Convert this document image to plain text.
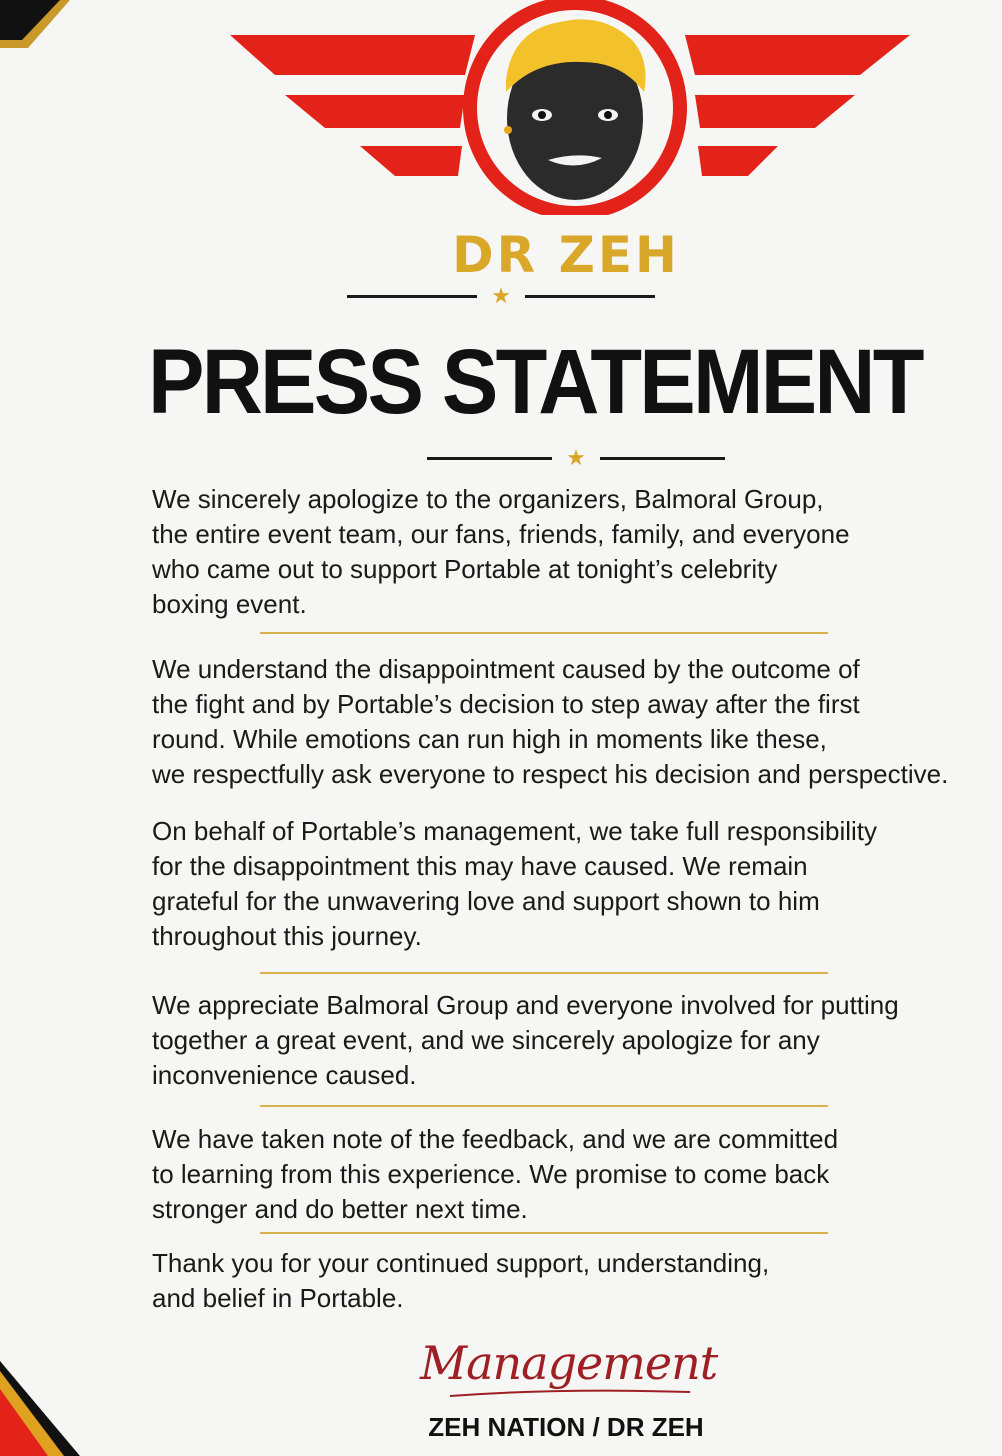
DR ZEH
★
PRESS STATEMENT
★

We sincerely apologize to the organizers, Balmoral Group,
the entire event team, our fans, friends, family, and everyone
who came out to support Portable at tonight’s celebrity
boxing event.

We understand the disappointment caused by the outcome of
the fight and by Portable’s decision to step away after the first
round. While emotions can run high in moments like these,
we respectfully ask everyone to respect his decision and perspective.

On behalf of Portable’s management, we take full responsibility
for the disappointment this may have caused. We remain
grateful for the unwavering love and support shown to him
throughout this journey.

We appreciate Balmoral Group and everyone involved for putting
together a great event, and we sincerely apologize for any
inconvenience caused.

We have taken note of the feedback, and we are committed
to learning from this experience. We promise to come back
stronger and do better next time.

Thank you for your continued support, understanding,
and belief in Portable.

Management
ZEH NATION / DR ZEH
